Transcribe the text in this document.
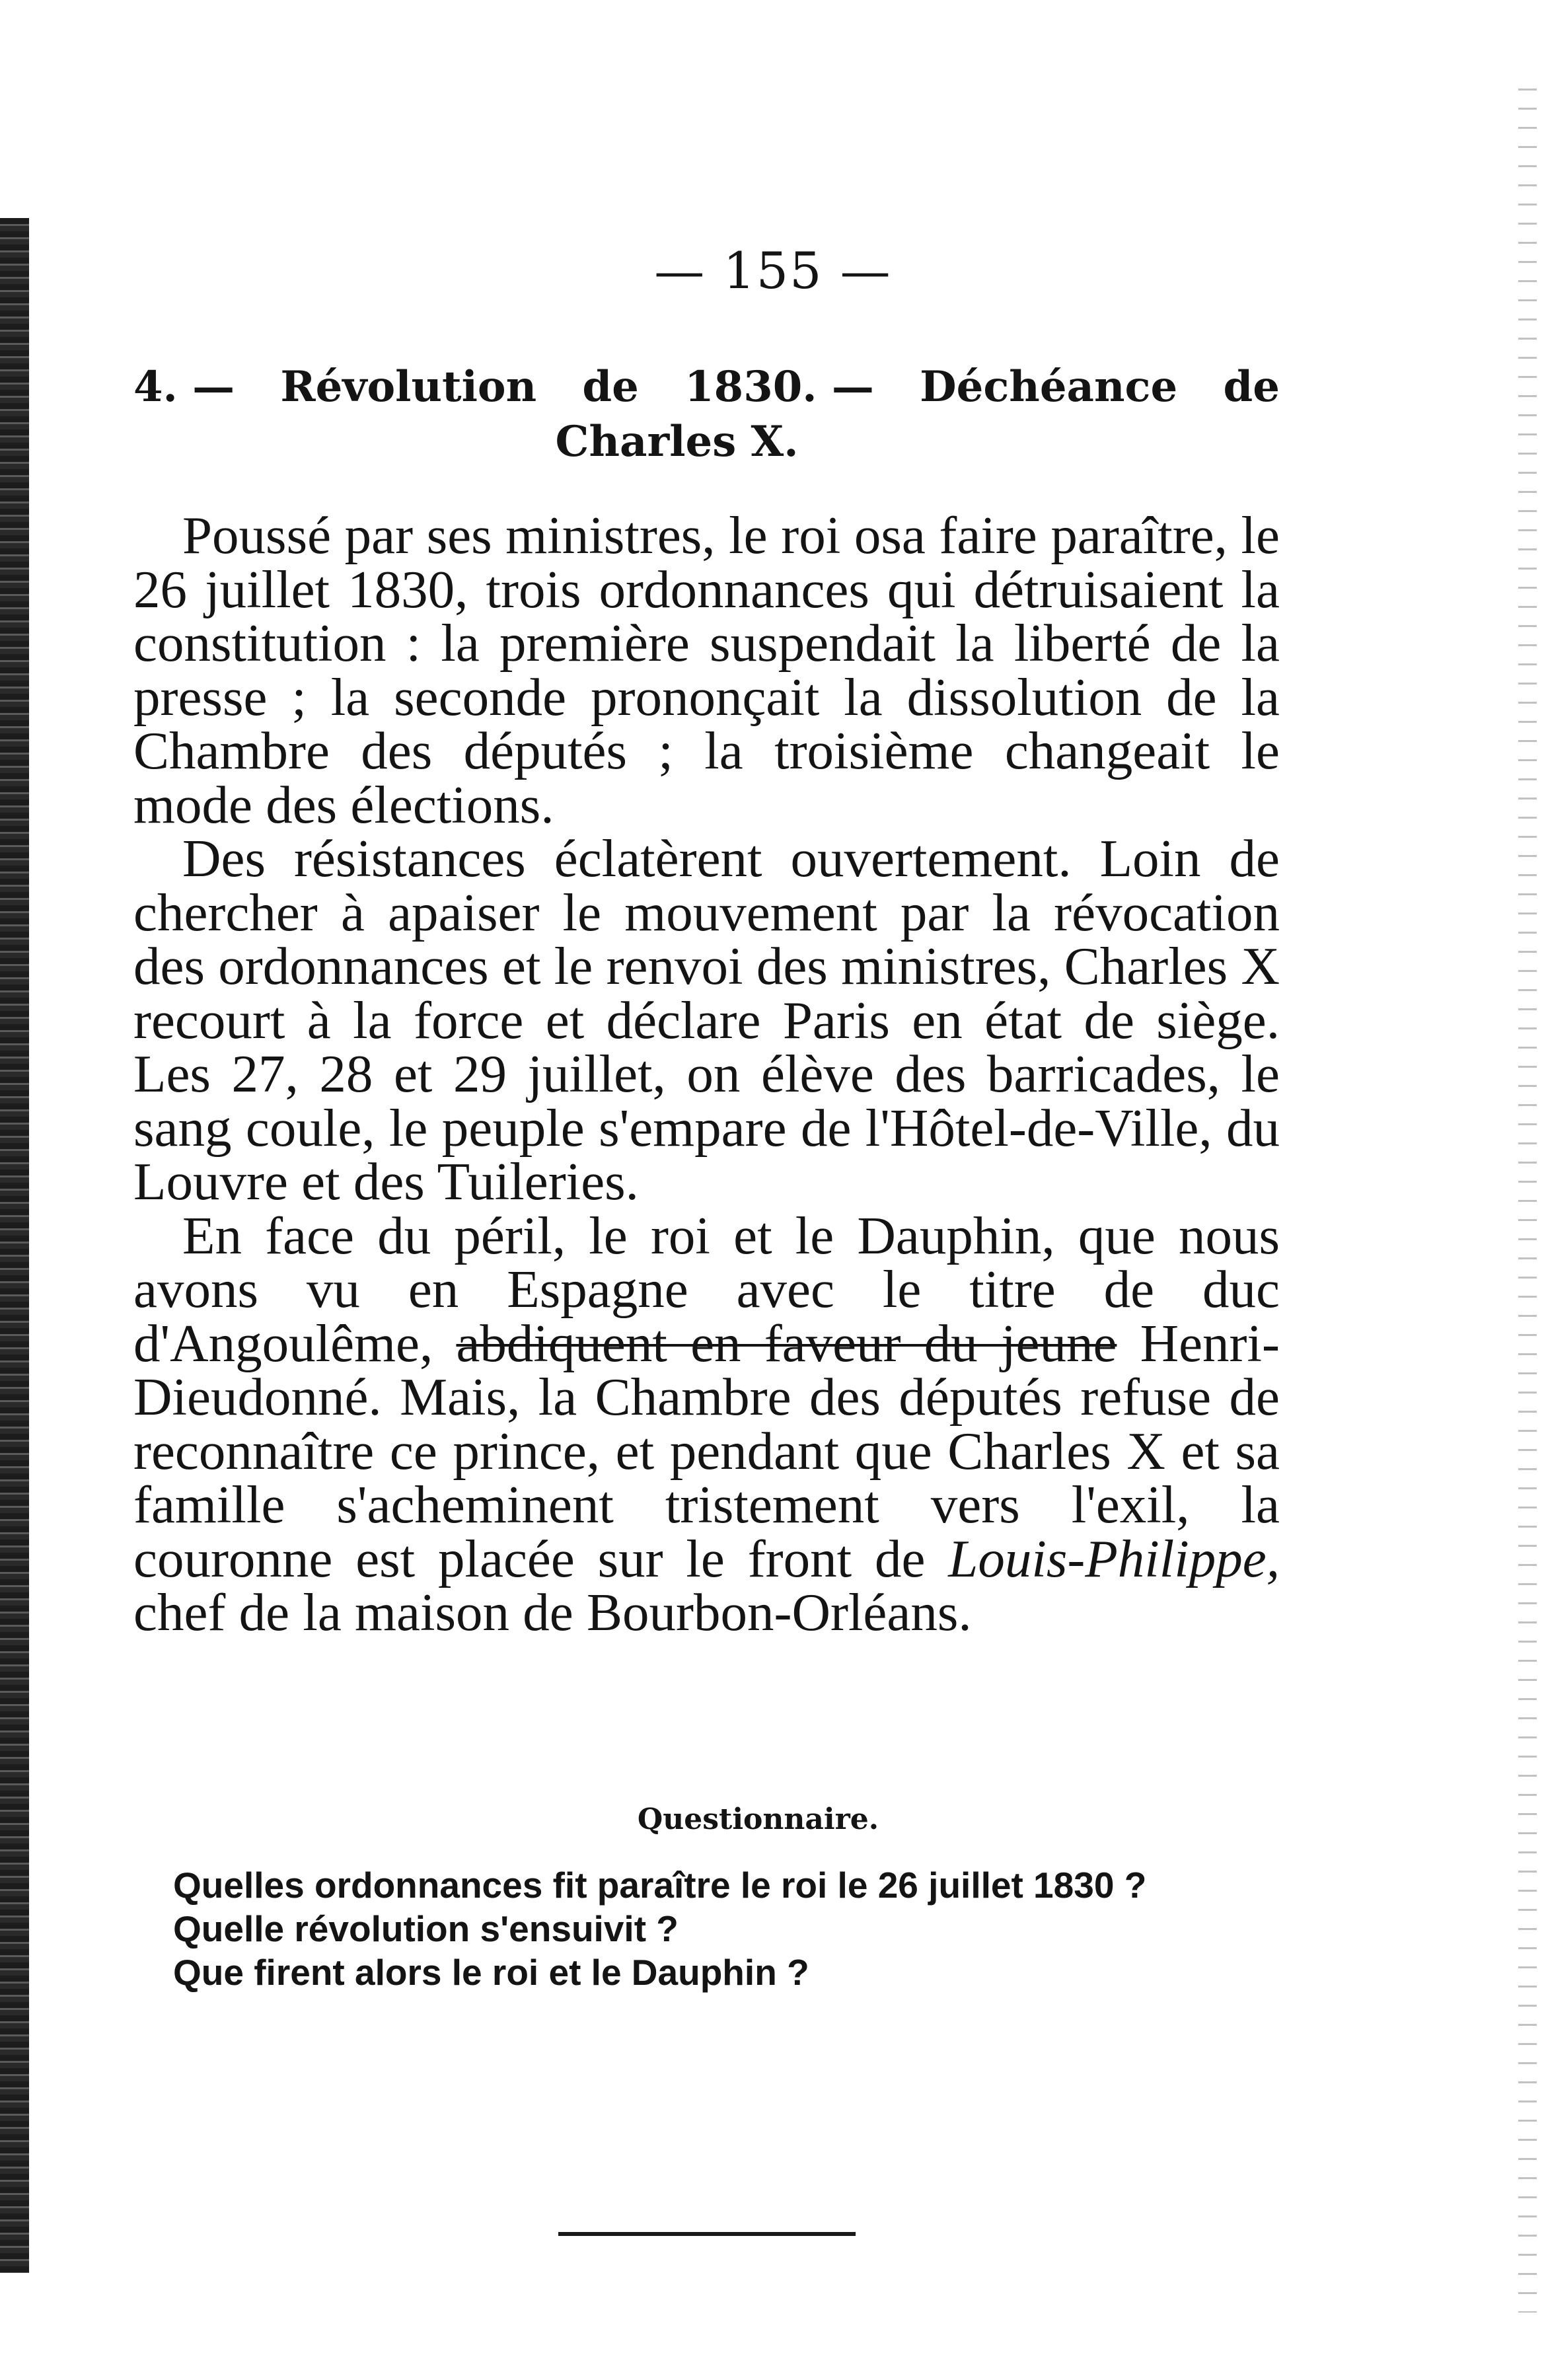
— 155 —
4. — Révolution de 1830. — Déchéance de
Charles X.

Poussé par ses ministres, le roi osa faire paraître, le 26 juillet 1830, trois ordonnances qui détruisaient la constitution : la première suspendait la liberté de la presse ; la seconde prononçait la dissolution de la Chambre des députés ; la troisième changeait le mode des élections.

Des résistances éclatèrent ouvertement. Loin de chercher à apaiser le mouvement par la révocation des ordonnances et le renvoi des ministres, Charles X recourt à la force et déclare Paris en état de siège. Les 27, 28 et 29 juillet, on élève des barricades, le sang coule, le peuple s'empare de l'Hôtel-de-Ville, du Louvre et des Tuileries.

En face du péril, le roi et le Dauphin, que nous avons vu en Espagne avec le titre de duc d'Angoulême, abdiquent en faveur du jeune Henri-Dieudonné. Mais, la Chambre des députés refuse de reconnaître ce prince, et pendant que Charles X et sa famille s'acheminent tristement vers l'exil, la couronne est placée sur le front de Louis-Philippe, chef de la maison de Bourbon-Orléans.

Questionnaire.
Quelles ordonnances fit paraître le roi le 26 juillet 1830 ?
Quelle révolution s'ensuivit ?
Que firent alors le roi et le Dauphin ?
